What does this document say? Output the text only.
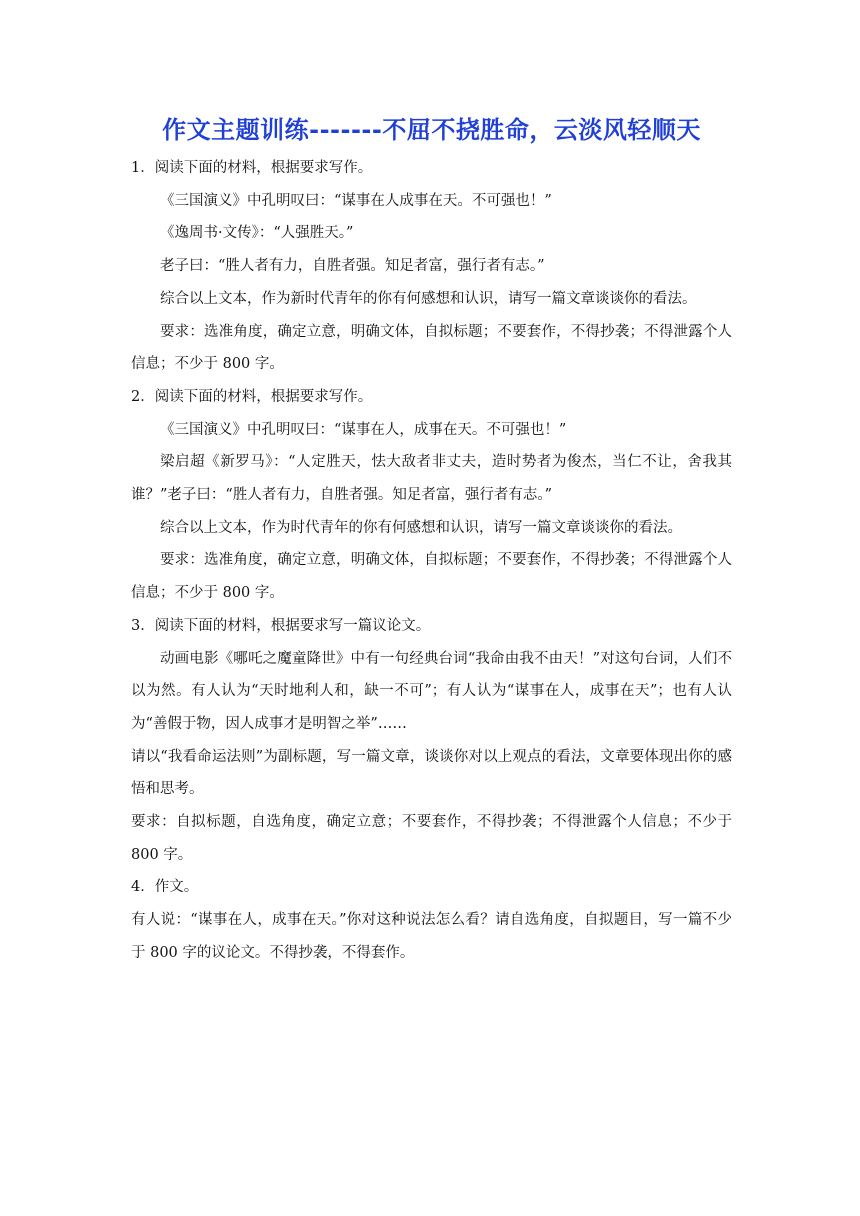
作文主题训练-------不屈不挠胜命，云淡风轻顺天

1．阅读下面的材料，根据要求写作。

《三国演义》中孔明叹曰：“谋事在人成事在天。不可强也！”

《逸周书·文传》：“人强胜天。”

老子曰：“胜人者有力，自胜者强。知足者富，强行者有志。”

综合以上文本，作为新时代青年的你有何感想和认识，请写一篇文章谈谈你的看法。

要求：选准角度，确定立意，明确文体，自拟标题；不要套作，不得抄袭；不得泄露个人信息；不少于 800 字。

2．阅读下面的材料，根据要求写作。

《三国演义》中孔明叹曰：“谋事在人，成事在天。不可强也！”

梁启超《新罗马》：“人定胜天，怯大敌者非丈夫，造时势者为俊杰，当仁不让，舍我其谁？”老子曰：“胜人者有力，自胜者强。知足者富，强行者有志。”

综合以上文本，作为时代青年的你有何感想和认识，请写一篇文章谈谈你的看法。

要求：选准角度，确定立意，明确文体，自拟标题；不要套作，不得抄袭；不得泄露个人信息；不少于 800 字。

3．阅读下面的材料，根据要求写一篇议论文。

动画电影《哪吒之魔童降世》中有一句经典台词“我命由我不由天！”对这句台词，人们不以为然。有人认为“天时地利人和，缺一不可”；有人认为“谋事在人，成事在天”；也有人认为“善假于物，因人成事才是明智之举”……

请以“我看命运法则”为副标题，写一篇文章，谈谈你对以上观点的看法，文章要体现出你的感悟和思考。

要求：自拟标题，自选角度，确定立意；不要套作，不得抄袭；不得泄露个人信息；不少于 800 字。

4．作文。

有人说：“谋事在人，成事在天。”你对这种说法怎么看？请自选角度，自拟题目，写一篇不少于 800 字的议论文。不得抄袭，不得套作。
